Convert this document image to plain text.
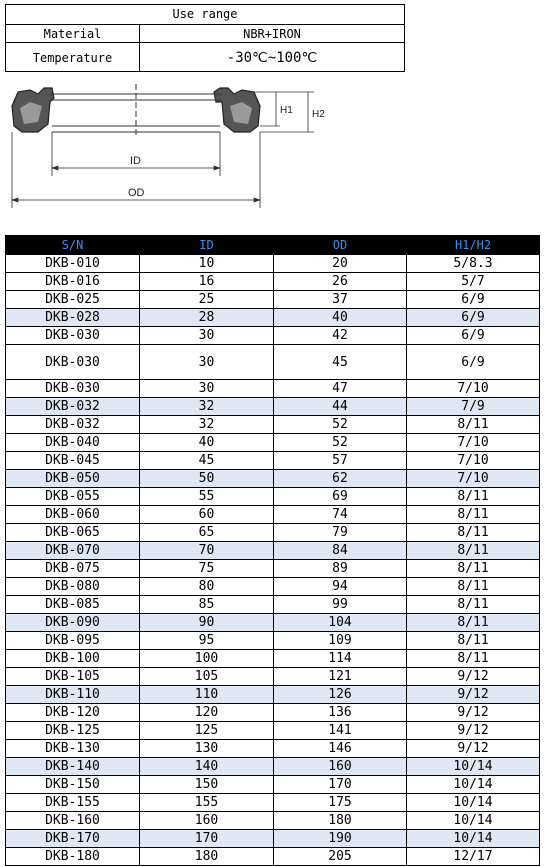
Use range
Material	NBR+IRON
Temperature	-30℃~100℃
ID
OD
H1 H2
S/N	ID	OD	H1/H2
DKB-010	10	20	5/8.3
DKB-016	16	26	5/7
DKB-025	25	37	6/9
DKB-028	28	40	6/9
DKB-030	30	42	6/9
DKB-030	30	45	6/9
DKB-030	30	47	7/10
DKB-032	32	44	7/9
DKB-032	32	52	8/11
DKB-040	40	52	7/10
DKB-045	45	57	7/10
DKB-050	50	62	7/10
DKB-055	55	69	8/11
DKB-060	60	74	8/11
DKB-065	65	79	8/11
DKB-070	70	84	8/11
DKB-075	75	89	8/11
DKB-080	80	94	8/11
DKB-085	85	99	8/11
DKB-090	90	104	8/11
DKB-095	95	109	8/11
DKB-100	100	114	8/11
DKB-105	105	121	9/12
DKB-110	110	126	9/12
DKB-120	120	136	9/12
DKB-125	125	141	9/12
DKB-130	130	146	9/12
DKB-140	140	160	10/14
DKB-150	150	170	10/14
DKB-155	155	175	10/14
DKB-160	160	180	10/14
DKB-170	170	190	10/14
DKB-180	180	205	12/17
